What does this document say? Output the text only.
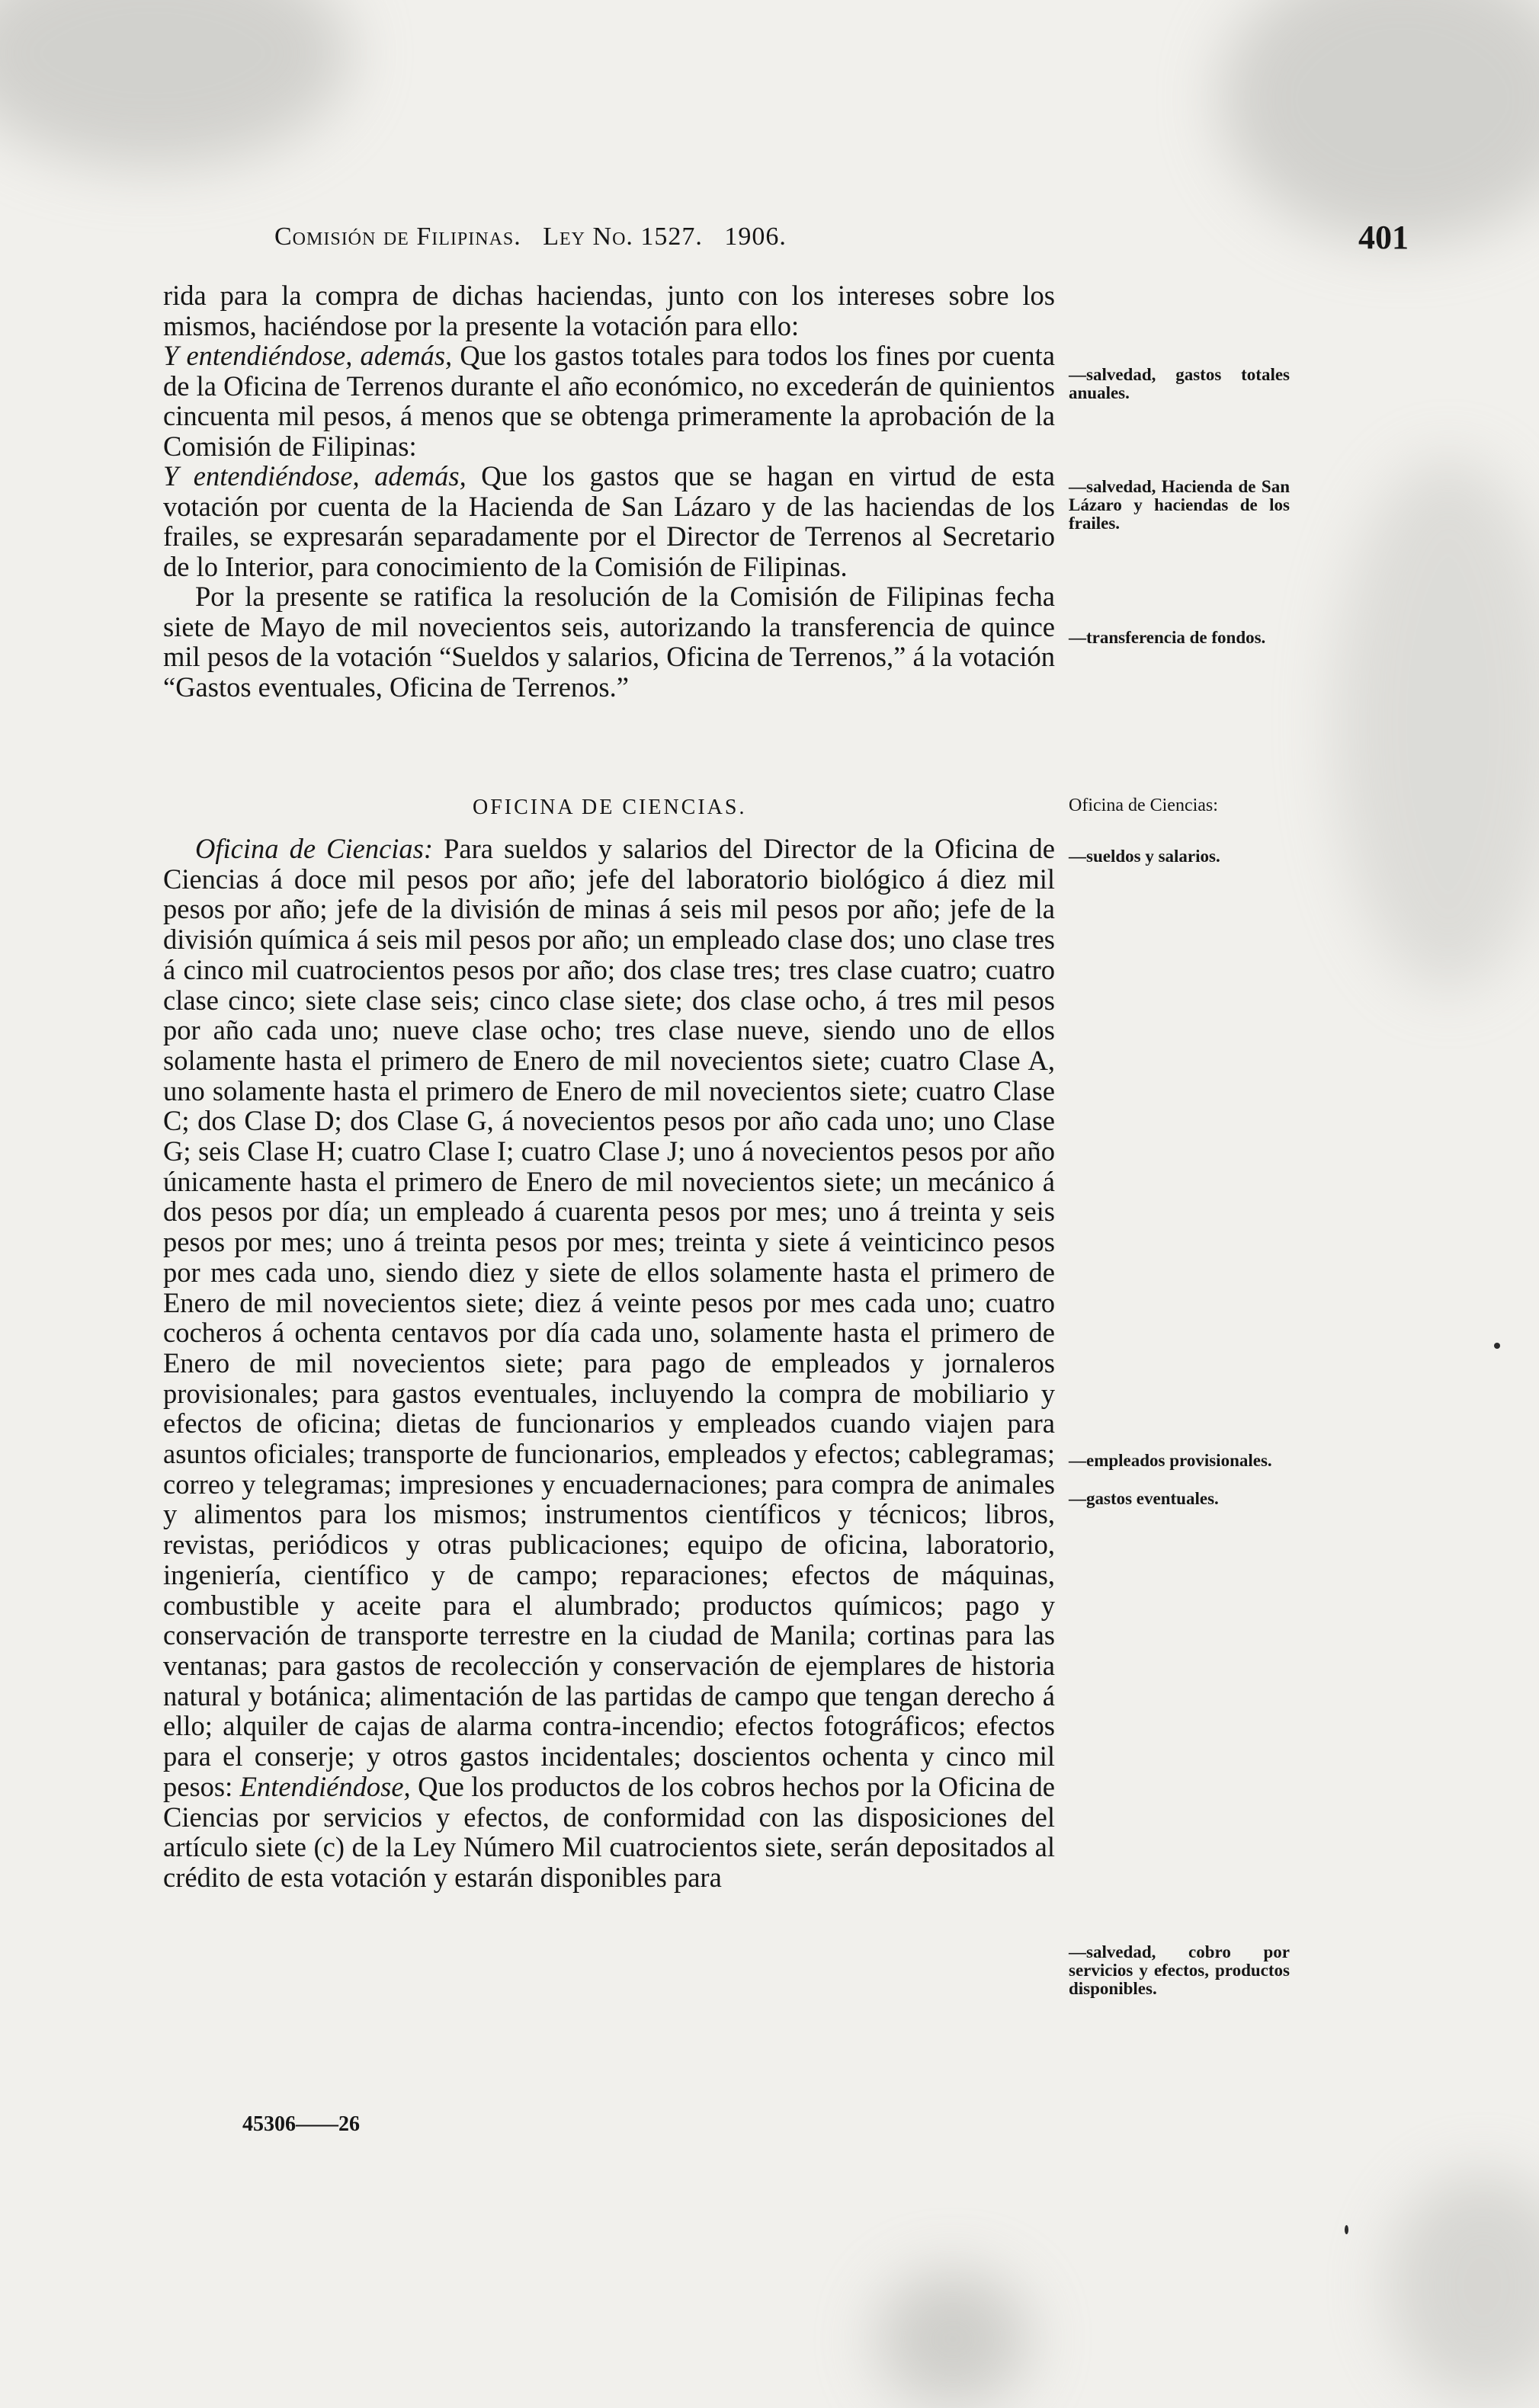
Comisión de Filipinas. Ley No. 1527. 1906.	401

rida para la compra de dichas haciendas, junto con los intereses sobre los mismos, haciéndose por la presente la votación para ello:

Y entendiéndose, además, Que los gastos totales para todos los fines por cuenta de la Oficina de Terrenos durante el año económico, no excederán de quinientos cincuenta mil pesos, á menos que se obtenga primeramente la aprobación de la Comisión de Filipinas:

Y entendiéndose, además, Que los gastos que se hagan en virtud de esta votación por cuenta de la Hacienda de San Lázaro y de las haciendas de los frailes, se expresarán separadamente por el Director de Terrenos al Secretario de lo Interior, para conocimiento de la Comisión de Filipinas.

Por la presente se ratifica la resolución de la Comisión de Filipinas fecha siete de Mayo de mil novecientos seis, autorizando la transferencia de quince mil pesos de la votación “Sueldos y salarios, Oficina de Terrenos,” á la votación “Gastos eventuales, Oficina de Terrenos.”

OFICINA DE CIENCIAS.

Oficina de Ciencias: Para sueldos y salarios del Director de la Oficina de Ciencias á doce mil pesos por año; jefe del laboratorio biológico á diez mil pesos por año; jefe de la división de minas á seis mil pesos por año; jefe de la división química á seis mil pesos por año; un empleado clase dos; uno clase tres á cinco mil cuatrocientos pesos por año; dos clase tres; tres clase cuatro; cuatro clase cinco; siete clase seis; cinco clase siete; dos clase ocho, á tres mil pesos por año cada uno; nueve clase ocho; tres clase nueve, siendo uno de ellos solamente hasta el primero de Enero de mil novecientos siete; cuatro Clase A, uno solamente hasta el primero de Enero de mil novecientos siete; cuatro Clase C; dos Clase D; dos Clase G, á novecientos pesos por año cada uno; uno Clase G; seis Clase H; cuatro Clase I; cuatro Clase J; uno á novecientos pesos por año únicamente hasta el primero de Enero de mil novecientos siete; un mecánico á dos pesos por día; un empleado á cuarenta pesos por mes; uno á treinta y seis pesos por mes; uno á treinta pesos por mes; treinta y siete á veinticinco pesos por mes cada uno, siendo diez y siete de ellos solamente hasta el primero de Enero de mil novecientos siete; diez á veinte pesos por mes cada uno; cuatro cocheros á ochenta centavos por día cada uno, solamente hasta el primero de Enero de mil novecientos siete; para pago de empleados y jornaleros provisionales; para gastos eventuales, incluyendo la compra de mobiliario y efectos de oficina; dietas de funcionarios y empleados cuando viajen para asuntos oficiales; transporte de funcionarios, empleados y efectos; cablegramas; correo y telegramas; impresiones y encuadernaciones; para compra de animales y alimentos para los mismos; instrumentos científicos y técnicos; libros, revistas, periódicos y otras publicaciones; equipo de oficina, laboratorio, ingeniería, científico y de campo; reparaciones; efectos de máquinas, combustible y aceite para el alumbrado; productos químicos; pago y conservación de transporte terrestre en la ciudad de Manila; cortinas para las ventanas; para gastos de recolección y conservación de ejemplares de historia natural y botánica; alimentación de las partidas de campo que tengan derecho á ello; alquiler de cajas de alarma contra-incendio; efectos fotográficos; efectos para el conserje; y otros gastos incidentales; doscientos ochenta y cinco mil pesos: Entendiéndose, Que los productos de los cobros hechos por la Oficina de Ciencias por servicios y efectos, de conformidad con las disposiciones del artículo siete (c) de la Ley Número Mil cuatrocientos siete, serán depositados al crédito de esta votación y estarán disponibles para

—salvedad, gastos totales anuales.
—salvedad, Hacienda de San Lázaro y haciendas de los frailes.
—transferencia de fondos.
Oficina de Ciencias:
—sueldos y salarios.
—empleados provisionales.
—gastos eventuales.
—salvedad, cobro por servicios y efectos, productos disponibles.
45306——26
